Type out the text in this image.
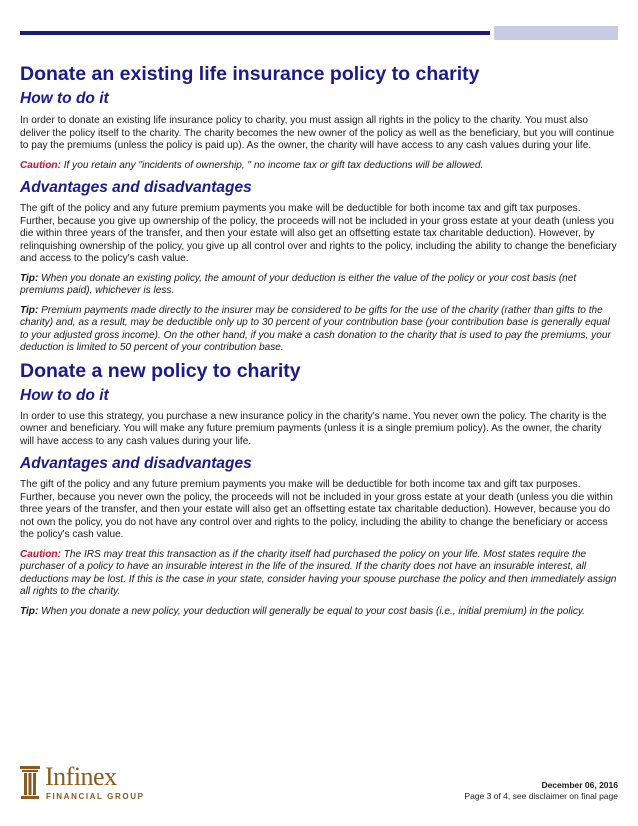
Donate an existing life insurance policy to charity
How to do it

In order to donate an existing life insurance policy to charity, you must assign all rights in the policy to the charity. You must also deliver the policy itself to the charity. The charity becomes the new owner of the policy as well as the beneficiary, but you will continue to pay the premiums (unless the policy is paid up). As the owner, the charity will have access to any cash values during your life.

Caution: If you retain any "incidents of ownership, " no income tax or gift tax deductions will be allowed.

Advantages and disadvantages

The gift of the policy and any future premium payments you make will be deductible for both income tax and gift tax purposes. Further, because you give up ownership of the policy, the proceeds will not be included in your gross estate at your death (unless you die within three years of the transfer, and then your estate will also get an offsetting estate tax charitable deduction). However, by relinquishing ownership of the policy, you give up all control over and rights to the policy, including the ability to change the beneficiary and access to the policy's cash value.

Tip: When you donate an existing policy, the amount of your deduction is either the value of the policy or your cost basis (net premiums paid), whichever is less.

Tip: Premium payments made directly to the insurer may be considered to be gifts for the use of the charity (rather than gifts to the charity) and, as a result, may be deductible only up to 30 percent of your contribution base (your contribution base is generally equal to your adjusted gross income). On the other hand, if you make a cash donation to the charity that is used to pay the premiums, your deduction is limited to 50 percent of your contribution base.

Donate a new policy to charity
How to do it

In order to use this strategy, you purchase a new insurance policy in the charity's name. You never own the policy. The charity is the owner and beneficiary. You will make any future premium payments (unless it is a single premium policy). As the owner, the charity will have access to any cash values during your life.

Advantages and disadvantages

The gift of the policy and any future premium payments you make will be deductible for both income tax and gift tax purposes. Further, because you never own the policy, the proceeds will not be included in your gross estate at your death (unless you die within three years of the transfer, and then your estate will also get an offsetting estate tax charitable deduction). However, because you do not own the policy, you do not have any control over and rights to the policy, including the ability to change the beneficiary or access the policy's cash value.

Caution: The IRS may treat this transaction as if the charity itself had purchased the policy on your life. Most states require the purchaser of a policy to have an insurable interest in the life of the insured. If the charity does not have an insurable interest, all deductions may be lost. If this is the case in your state, consider having your spouse purchase the policy and then immediately assign all rights to the charity.

Tip: When you donate a new policy, your deduction will generally be equal to your cost basis (i.e., initial premium) in the policy.

Infinex
FINANCIAL GROUP
December 06, 2016
Page 3 of 4, see disclaimer on final page
